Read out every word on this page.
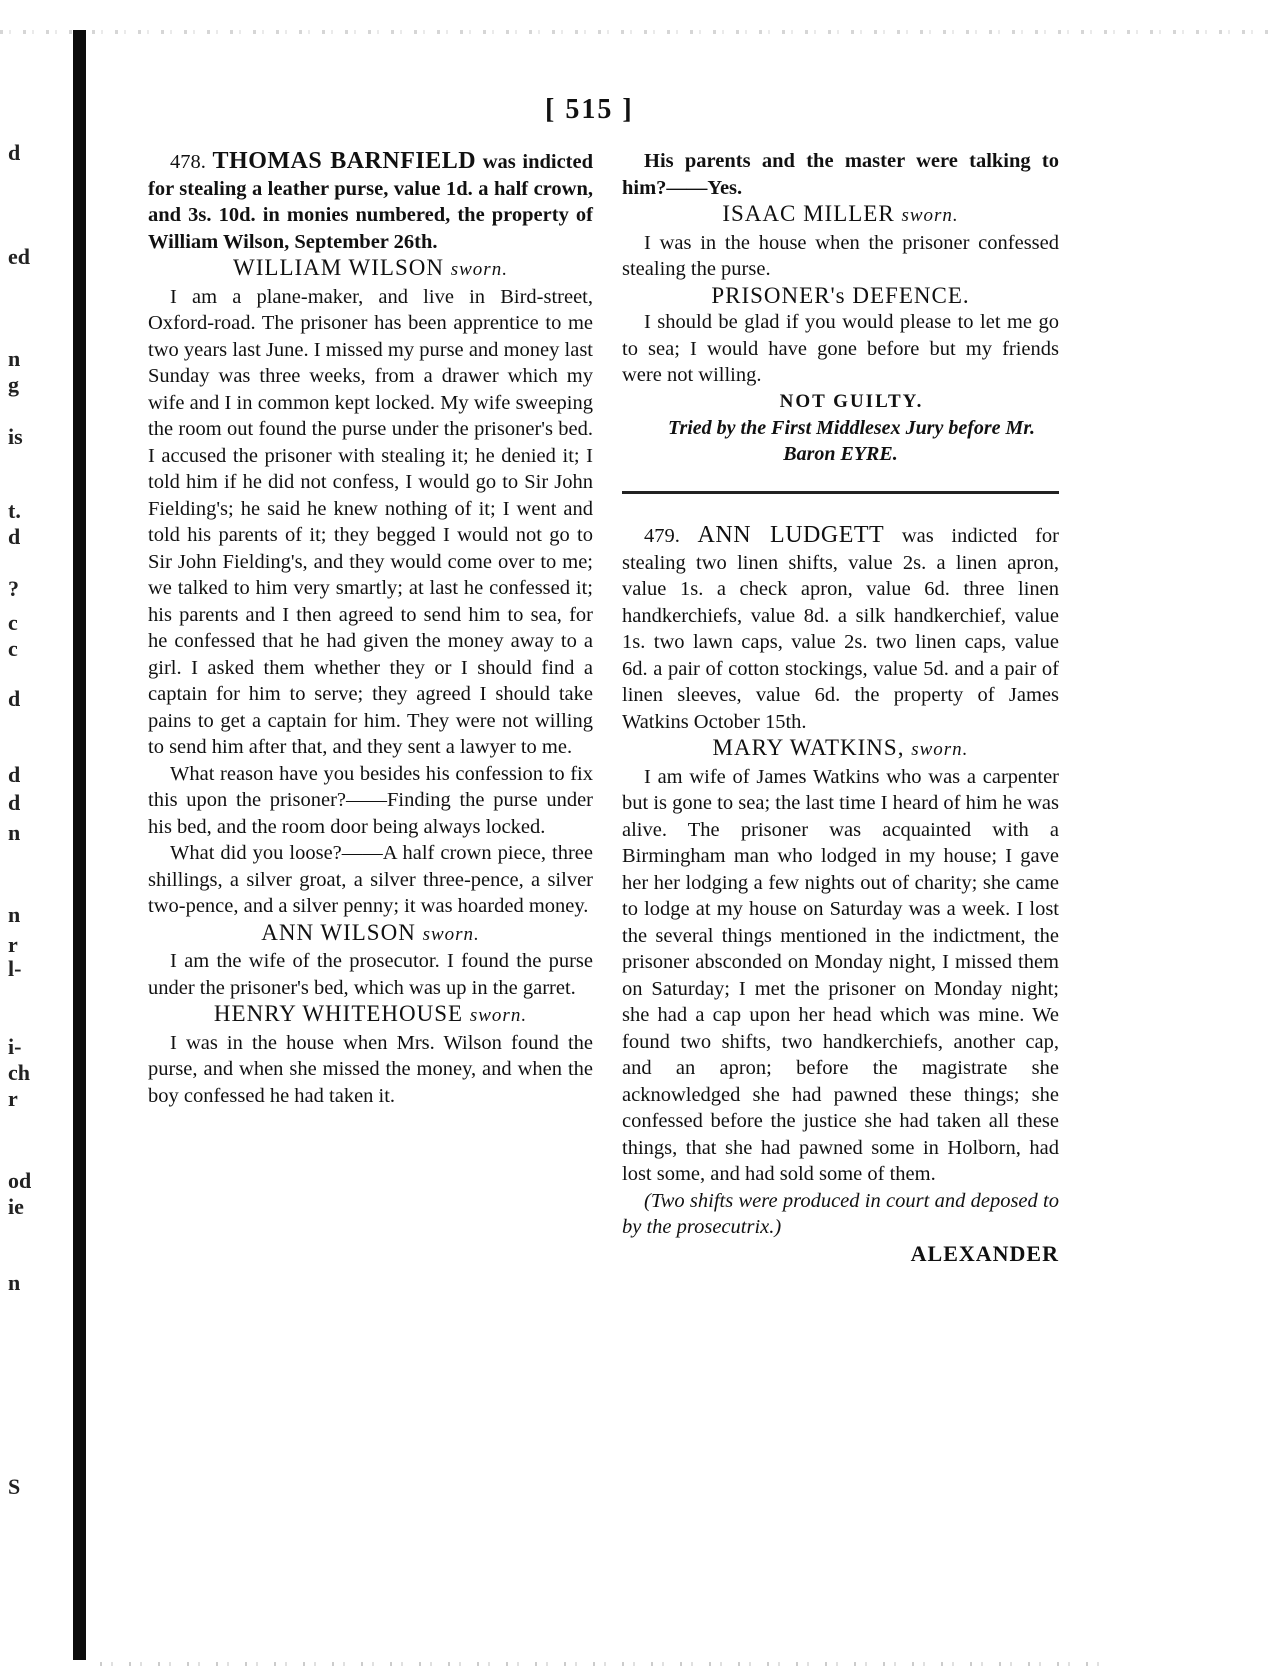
d
ed
n
g
is
t.
d
?
c
c
d
d
d
n
n
r
l-
i-
ch
r
od
ie
n
S
[ 515 ]

478. THOMAS BARNFIELD was indicted for stealing a leather purse, value 1d. a half crown, and 3s. 10d. in monies numbered, the property of William Wilson, September 26th.

WILLIAM WILSON sworn.

I am a plane-maker, and live in Bird-street, Oxford-road. The prisoner has been apprentice to me two years last June. I missed my purse and money last Sunday was three weeks, from a drawer which my wife and I in common kept locked. My wife sweeping the room out found the purse under the prisoner's bed. I accused the prisoner with stealing it; he denied it; I told him if he did not confess, I would go to Sir John Fielding's; he said he knew nothing of it; I went and told his parents of it; they begged I would not go to Sir John Fielding's, and they would come over to me; we talked to him very smartly; at last he confessed it; his parents and I then agreed to send him to sea, for he confessed that he had given the money away to a girl. I asked them whether they or I should find a captain for him to serve; they agreed I should take pains to get a captain for him. They were not willing to send him after that, and they sent a lawyer to me.

What reason have you besides his confession to fix this upon the prisoner?——Finding the purse under his bed, and the room door being always locked.

What did you loose?——A half crown piece, three shillings, a silver groat, a silver three-pence, a silver two-pence, and a silver penny; it was hoarded money.

ANN WILSON sworn.

I am the wife of the prosecutor. I found the purse under the prisoner's bed, which was up in the garret.

HENRY WHITEHOUSE sworn.

I was in the house when Mrs. Wilson found the purse, and when she missed the money, and when the boy confessed he had taken it.

His parents and the master were talking to him?——Yes.

ISAAC MILLER sworn.

I was in the house when the prisoner confessed stealing the purse.

PRISONER's DEFENCE.

I should be glad if you would please to let me go to sea; I would have gone before but my friends were not willing.

NOT GUILTY.

Tried by the First Middlesex Jury before Mr. Baron EYRE.

479. ANN LUDGETT was indicted for stealing two linen shifts, value 2s. a linen apron, value 1s. a check apron, value 6d. three linen handkerchiefs, value 8d. a silk handkerchief, value 1s. two lawn caps, value 2s. two linen caps, value 6d. a pair of cotton stockings, value 5d. and a pair of linen sleeves, value 6d. the property of James Watkins October 15th.

MARY WATKINS, sworn.

I am wife of James Watkins who was a carpenter but is gone to sea; the last time I heard of him he was alive. The prisoner was acquainted with a Birmingham man who lodged in my house; I gave her her lodging a few nights out of charity; she came to lodge at my house on Saturday was a week. I lost the several things mentioned in the indictment, the prisoner absconded on Monday night, I missed them on Saturday; I met the prisoner on Monday night; she had a cap upon her head which was mine. We found two shifts, two handkerchiefs, another cap, and an apron; before the magistrate she acknowledged she had pawned these things; she confessed before the justice she had taken all these things, that she had pawned some in Holborn, had lost some, and had sold some of them.

(Two shifts were produced in court and deposed to by the prosecutrix.)

ALEXANDER
